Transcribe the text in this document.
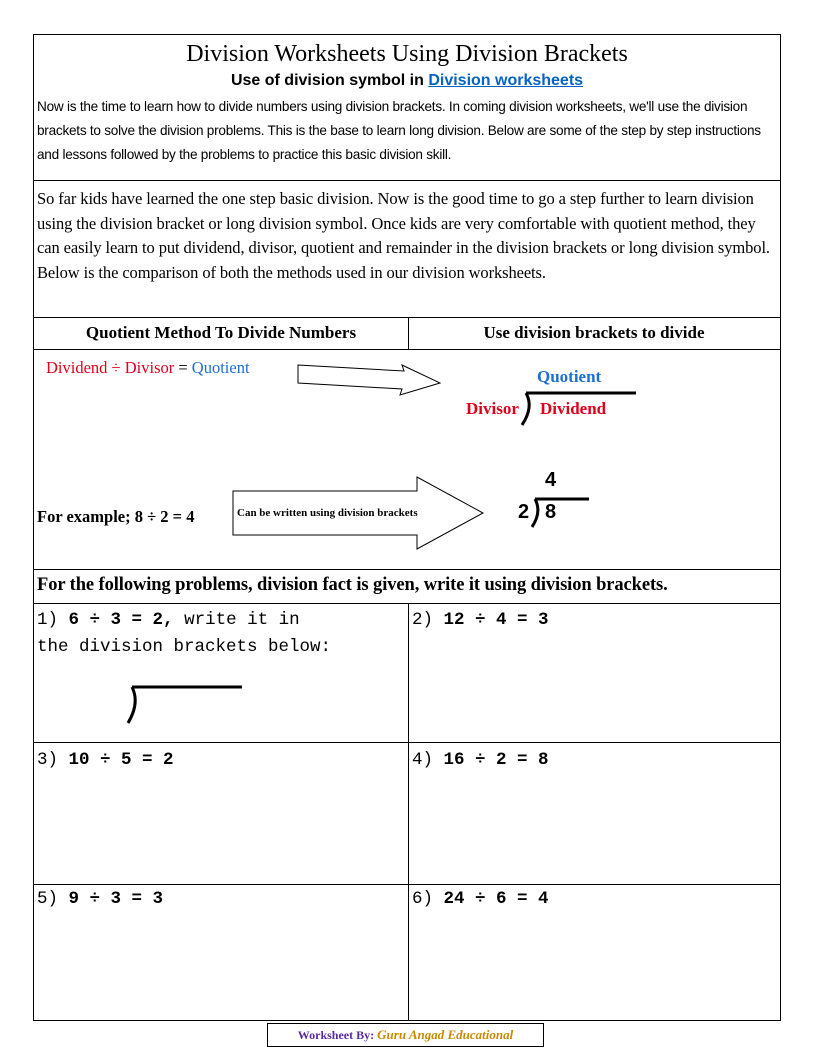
Division Worksheets Using Division Brackets
Use of division symbol in Division worksheets
Now is the time to learn how to divide numbers using division brackets. In coming division worksheets, we'll use the division brackets to solve the division problems. This is the base to learn long division. Below are some of the step by step instructions and lessons followed by the problems to practice this basic division skill.
So far kids have learned the one step basic division. Now is the good time to go a step further to learn division using the division bracket or long division symbol. Once kids are very comfortable with quotient method, they can easily learn to put dividend, divisor, quotient and remainder in the division brackets or long division symbol. Below is the comparison of both the methods used in our division worksheets.
Quotient Method To Divide Numbers	Use division brackets to divide
Dividend ÷ Divisor = Quotient	Quotient
Divisor Dividend
For example; 8 ÷ 2 = 4	Can be written using division brackets
4
2 8
For the following problems, division fact is given, write it using division brackets.
1) 6 ÷ 3 = 2, write it in
the division brackets below:
2) 12 ÷ 4 = 3
3) 10 ÷ 5 = 2	4) 16 ÷ 2 = 8
5) 9 ÷ 3 = 3	6) 24 ÷ 6 = 4
Worksheet By: Guru Angad Educational
